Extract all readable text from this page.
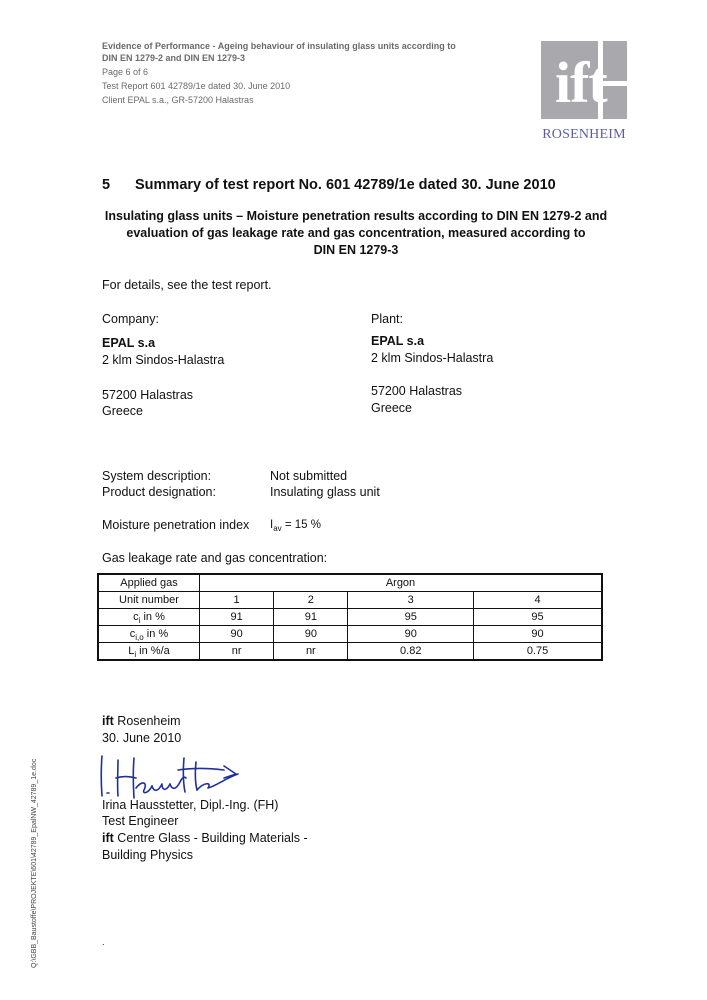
Evidence of Performance - Ageing behaviour of insulating glass units according to
DIN EN 1279-2 and DIN EN 1279-3
Page 6 of 6
Test Report 601 42789/1e dated 30. June 2010
Client EPAL s.a., GR-57200 Halastras	ift
ROSENHEIM
5 Summary of test report No. 601 42789/1e dated 30. June 2010
Insulating glass units – Moisture penetration results according to DIN EN 1279-2 and
evaluation of gas leakage rate and gas concentration, measured according to
DIN EN 1279-3
For details, see the test report.
Company:
EPAL s.a
2 klm Sindos-Halastra
57200 Halastras
Greece
Plant:
EPAL s.a
2 klm Sindos-Halastra
57200 Halastras
Greece
System description:	Not submitted
Product designation:	Insulating glass unit
Moisture penetration index $I_{av} = 15$ %
Gas leakage rate and gas concentration:
Applied gas	Argon			
Unit number	1	2	3	4
$c_i$ in %	91	91	95	95
$c_{i,o}$ in %	90	90	90	90
$L_i$ in %/a	nr	nr	0.82	0.75
ift Rosenheim
30. June 2010
Irina Hausstetter, Dipl.-Ing. (FH)
Test Engineer
ift Centre Glass - Building Materials -
Building Physics
.
Q:\GBB_Baustoffe\PROJEKTE\601\42789_EpalNW_42789_1e.doc
